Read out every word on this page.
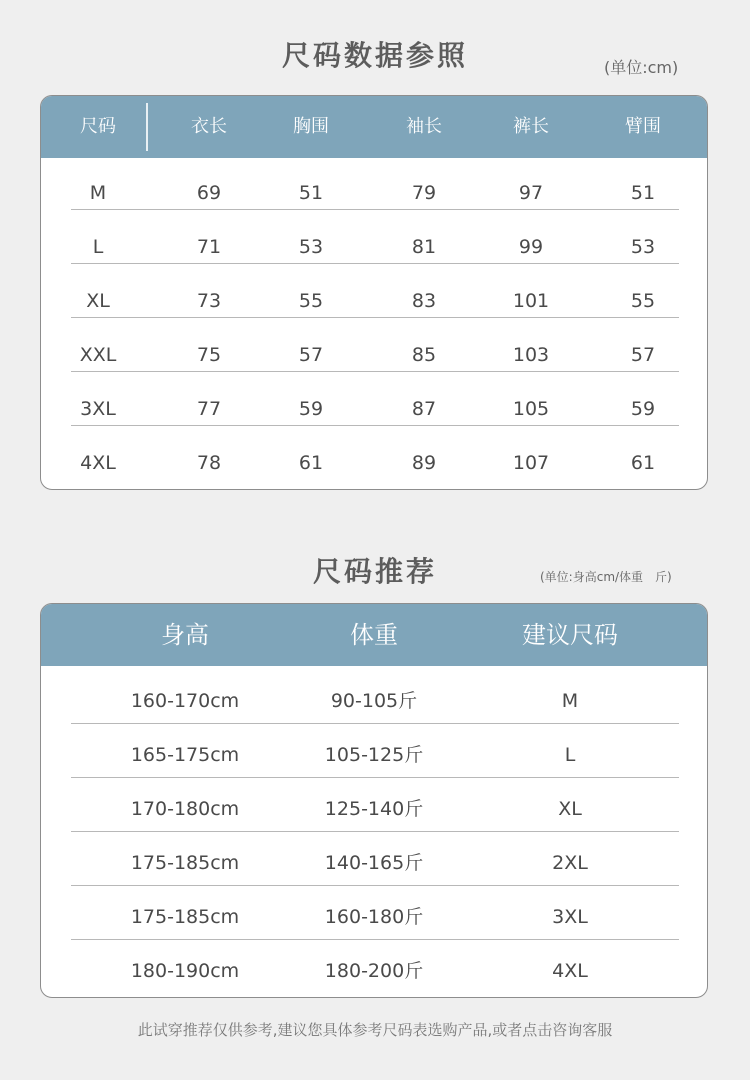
尺码数据参照	(单位:cm)
尺码	衣长	胸围	袖长	裤长	臂围
M	69	51	79	97	51
L	71	53	81	99	53
XL	73	55	83	101	55
XXL	75	57	85	103	57
3XL	77	59	87	105	59
4XL	78	61	89	107	61
尺码推荐	(单位:身高cm/体重　斤)
身高	体重	建议尺码
160-170cm	90-105斤	M
165-175cm	105-125斤	L
170-180cm	125-140斤	XL
175-185cm	140-165斤	2XL
175-185cm	160-180斤	3XL
180-190cm	180-200斤	4XL
此试穿推荐仅供参考,建议您具体参考尺码表选购产品,或者点击咨询客服
